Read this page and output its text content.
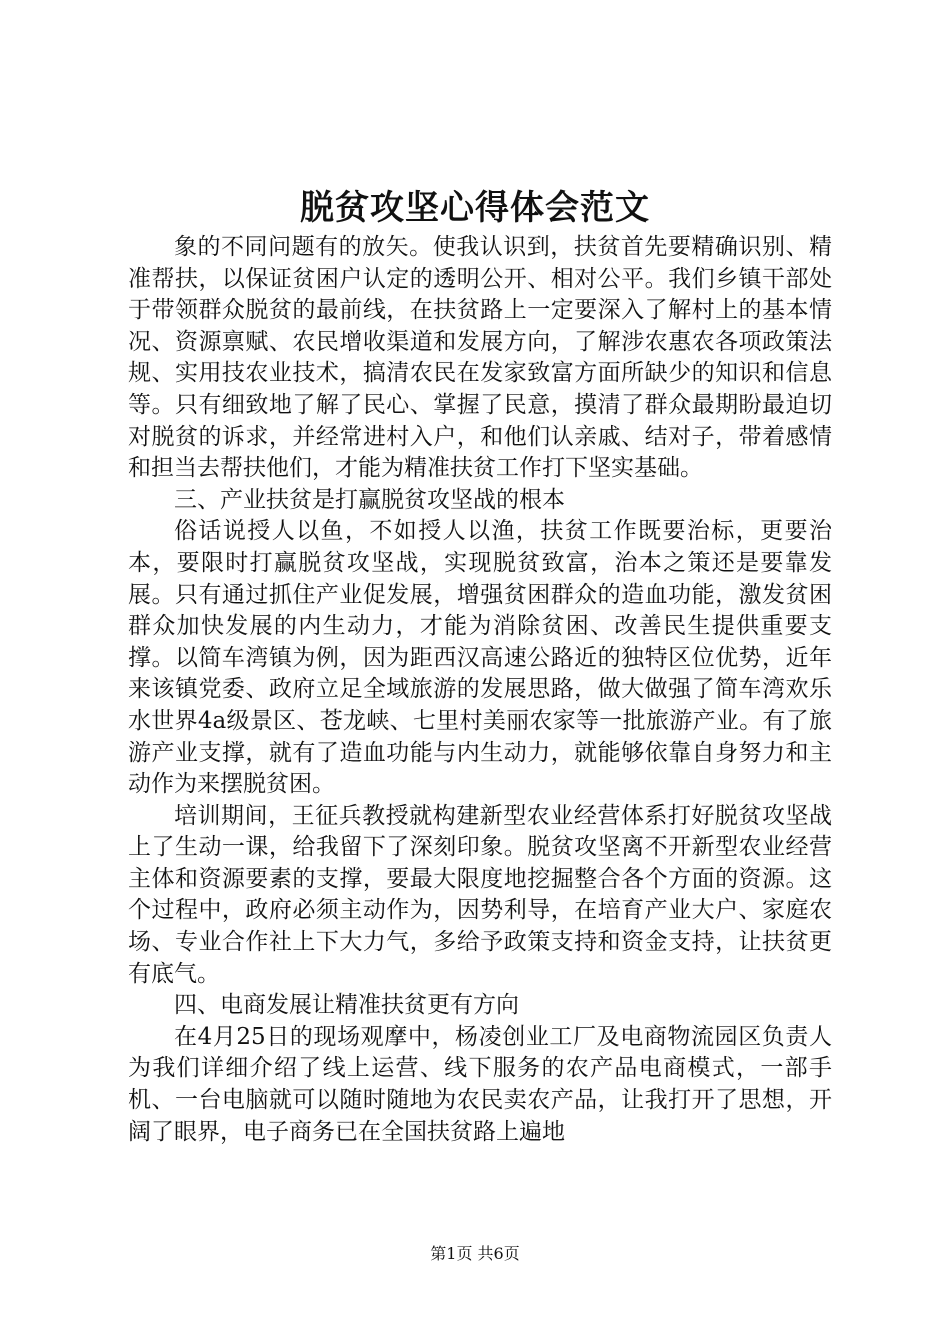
脱贫攻坚心得体会范文

象的不同问题有的放矢。使我认识到，扶贫首先要精确识别、精准帮扶，以保证贫困户认定的透明公开、相对公平。我们乡镇干部处于带领群众脱贫的最前线，在扶贫路上一定要深入了解村上的基本情况、资源禀赋、农民增收渠道和发展方向，了解涉农惠农各项政策法规、实用技农业技术，搞清农民在发家致富方面所缺少的知识和信息等。只有细致地了解了民心、掌握了民意，摸清了群众最期盼最迫切对脱贫的诉求，并经常进村入户，和他们认亲戚、结对子，带着感情和担当去帮扶他们，才能为精准扶贫工作打下坚实基础。

三、产业扶贫是打赢脱贫攻坚战的根本

俗话说授人以鱼，不如授人以渔，扶贫工作既要治标，更要治本，要限时打赢脱贫攻坚战，实现脱贫致富，治本之策还是要靠发展。只有通过抓住产业促发展，增强贫困群众的造血功能，激发贫困群众加快发展的内生动力，才能为消除贫困、改善民生提供重要支撑。以简车湾镇为例，因为距西汉高速公路近的独特区位优势，近年来该镇党委、政府立足全域旅游的发展思路，做大做强了简车湾欢乐水世界4a级景区、苍龙峡、七里村美丽农家等一批旅游产业。有了旅游产业支撑，就有了造血功能与内生动力，就能够依靠自身努力和主动作为来摆脱贫困。

培训期间，王征兵教授就构建新型农业经营体系打好脱贫攻坚战上了生动一课，给我留下了深刻印象。脱贫攻坚离不开新型农业经营主体和资源要素的支撑，要最大限度地挖掘整合各个方面的资源。这个过程中，政府必须主动作为，因势利导，在培育产业大户、家庭农场、专业合作社上下大力气，多给予政策支持和资金支持，让扶贫更有底气。

四、电商发展让精准扶贫更有方向

在4月25日的现场观摩中，杨凌创业工厂及电商物流园区负责人为我们详细介绍了线上运营、线下服务的农产品电商模式，一部手机、一台电脑就可以随时随地为农民卖农产品，让我打开了思想，开阔了眼界，电子商务已在全国扶贫路上遍地

第1页 共6页
